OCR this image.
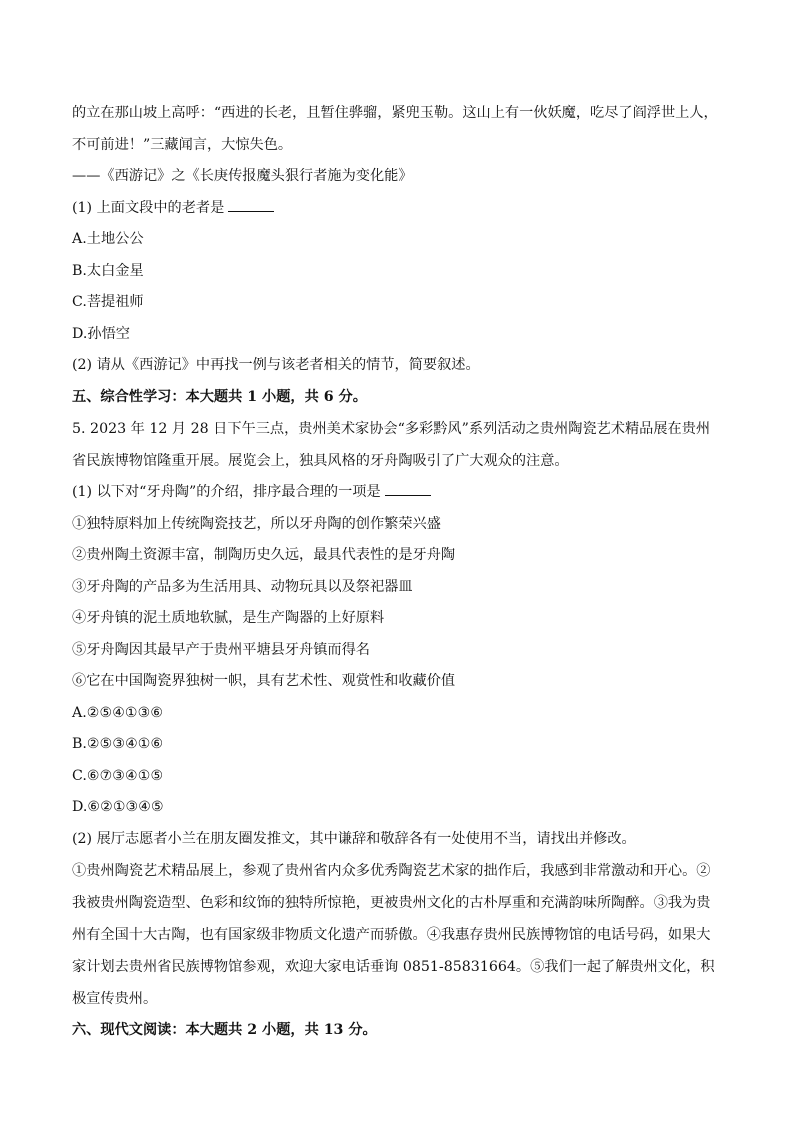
的立在那山坡上高呼：“西进的长老，且暂住骅骝，紧兜玉勒。这山上有一伙妖魔，吃尽了阎浮世上人，

不可前进！”三藏闻言，大惊失色。

——《西游记》之《长庚传报魔头狠行者施为变化能》

(1) 上面文段中的老者是

A.土地公公

B.太白金星

C.菩提祖师

D.孙悟空

(2) 请从《西游记》中再找一例与该老者相关的情节，简要叙述。

五、综合性学习：本大题共 1 小题，共 6 分。

5. 2023 年 12 月 28 日下午三点，贵州美术家协会“多彩黔风”系列活动之贵州陶瓷艺术精品展在贵州省民族博物馆隆重开展。展览会上，独具风格的牙舟陶吸引了广大观众的注意。

(1) 以下对“牙舟陶”的介绍，排序最合理的一项是

①独特原料加上传统陶瓷技艺，所以牙舟陶的创作繁荣兴盛

②贵州陶土资源丰富，制陶历史久远，最具代表性的是牙舟陶

③牙舟陶的产品多为生活用具、动物玩具以及祭祀器皿

④牙舟镇的泥土质地软腻，是生产陶器的上好原料

⑤牙舟陶因其最早产于贵州平塘县牙舟镇而得名

⑥它在中国陶瓷界独树一帜，具有艺术性、观赏性和收藏价值

A.②⑤④①③⑥

B.②⑤③④①⑥

C.⑥⑦③④①⑤

D.⑥②①③④⑤

(2) 展厅志愿者小兰在朋友圈发推文，其中谦辞和敬辞各有一处使用不当，请找出并修改。

①贵州陶瓷艺术精品展上，参观了贵州省内众多优秀陶瓷艺术家的拙作后，我感到非常激动和开心。②我被贵州陶瓷造型、色彩和纹饰的独特所惊艳，更被贵州文化的古朴厚重和充满韵味所陶醉。③我为贵州有全国十大古陶，也有国家级非物质文化遗产而骄傲。④我惠存贵州民族博物馆的电话号码，如果大家计划去贵州省民族博物馆参观，欢迎大家电话垂询 0851-85831664。⑤我们一起了解贵州文化，积极宣传贵州。

六、现代文阅读：本大题共 2 小题，共 13 分。
